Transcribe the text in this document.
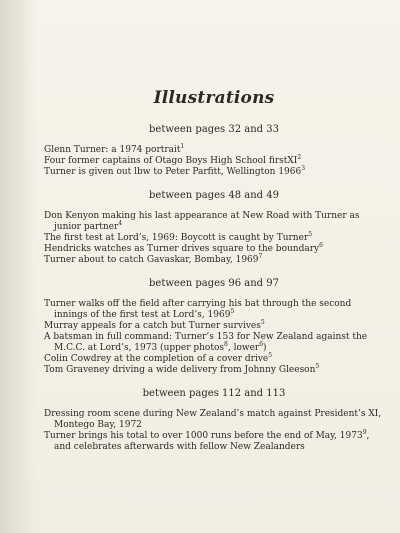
Illustrations
between pages 32 and 33
Glenn Turner: a 1974 portrait$^1$
Four former captains of Otago Boys High School firstXI$^2$
Turner is given out lbw to Peter Parfitt, Wellington 1966$^3$
between pages 48 and 49
Don Kenyon making his last appearance at New Road with Turner as junior partner$^4$
The first test at Lord’s, 1969: Boycott is caught by Turner$^5$
Hendricks watches as Turner drives square to the boundary$^6$
Turner about to catch Gavaskar, Bombay, 1969$^7$
between pages 96 and 97
Turner walks off the field after carrying his bat through the second innings of the first test at Lord’s, 1969$^5$
Murray appeals for a catch but Turner survives$^5$
A batsman in full command: Turner’s 153 for New Zealand against the M.C.C. at Lord’s, 1973 (upper photos$^8$, lower$^6$)
Colin Cowdrey at the completion of a cover drive$^5$
Tom Graveney driving a wide delivery from Johnny Gleeson$^5$
between pages 112 and 113
Dressing room scene during New Zealand’s match against President’s XI, Montego Bay, 1972
Turner brings his total to over 1000 runs before the end of May, 1973$^9$, and celebrates afterwards with fellow New Zealanders
